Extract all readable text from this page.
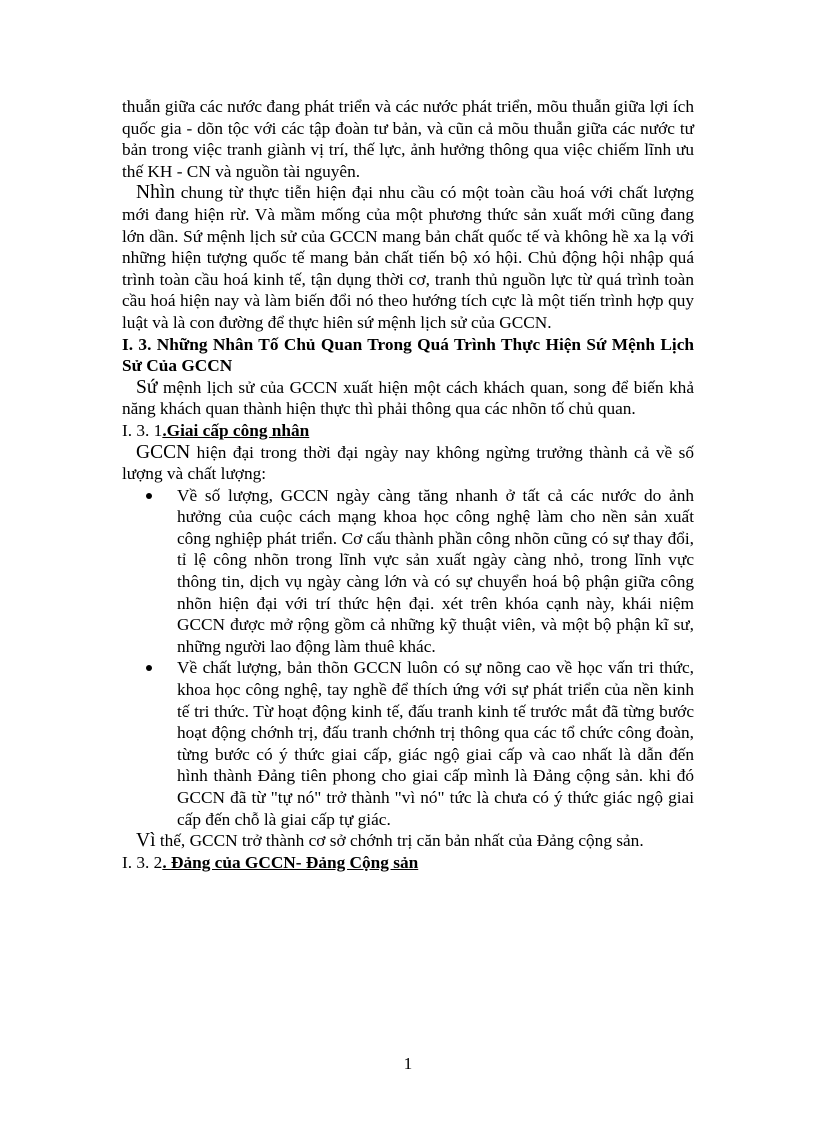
thuẫn giữa các nước đang phát triển và các nước phát triển, mõu thuẫn giữa lợi ích quốc gia - dõn tộc với các tập đoàn tư bản, và cũn cả mõu thuẫn giữa các nước tư bản trong việc tranh giành vị trí, thế lực, ảnh hưởng thông qua việc chiếm lĩnh ưu thế KH - CN và nguồn tài nguyên.

Nhìn chung từ thực tiễn hiện đại nhu cầu có một toàn cầu hoá với chất lượng mới đang hiện rừ. Và mầm mống của một phương thức sản xuất mới cũng đang lớn dần. Sứ mệnh lịch sử của GCCN mang bản chất quốc tế và không hề xa lạ với những hiện tượng quốc tế mang bản chất tiến bộ xó hội. Chủ động hội nhập quá trình toàn cầu hoá kinh tế, tận dụng thời cơ, tranh thủ nguồn lực từ quá trình toàn cầu hoá hiện nay và làm biến đổi nó theo hướng tích cực là một tiến trình hợp quy luật và là con đường để thực hiên sứ mệnh lịch sử của GCCN.

I. 3. Những Nhân Tố Chủ Quan Trong Quá Trình Thực Hiện Sứ Mệnh Lịch Sử Của GCCN

Sứ mệnh lịch sử của GCCN xuất hiện một cách khách quan, song để biến khả năng khách quan thành hiện thực thì phải thông qua các nhõn tố chủ quan.

I. 3. 1.Giai cấp công nhân

GCCN hiện đại trong thời đại ngày nay không ngừng trưởng thành cả về số lượng và chất lượng:

Về số lượng, GCCN ngày càng tăng nhanh ở tất cả các nước do ảnh hưởng của cuộc cách mạng khoa học công nghệ làm cho nền sản xuất công nghiệp phát triển. Cơ cấu thành phần công nhõn cũng có sự thay đổi, tỉ lệ công nhõn trong lĩnh vực sản xuất ngày càng nhỏ, trong lĩnh vực thông tin, dịch vụ ngày càng lớn và có sự chuyển hoá bộ phận giữa công nhõn hiện đại với trí thức hện đại. xét trên khóa cạnh này, khái niệm GCCN được mở rộng gồm cả những kỹ thuật viên, và một bộ phận kĩ sư, những người lao động làm thuê khác.
Về chất lượng, bản thõn GCCN luôn có sự nõng cao về học vấn tri thức, khoa học công nghệ, tay nghề để thích ứng với sự phát triển của nền kinh tế tri thức. Từ hoạt động kinh tế, đấu tranh kinh tế trước mắt đã từng bước hoạt động chớnh trị, đấu tranh chớnh trị thông qua các tổ chức công đoàn, từng bước có ý thức giai cấp, giác ngộ giai cấp và cao nhất là dẫn đến hình thành Đảng tiên phong cho giai cấp mình là Đảng cộng sản. khi đó GCCN đã từ "tự nó" trở thành "vì nó" tức là chưa có ý thức giác ngộ giai cấp đến chỗ là giai cấp tự giác.

Vì thế, GCCN trở thành cơ sở chớnh trị căn bản nhất của Đảng cộng sản.

I. 3. 2. Đảng của GCCN- Đảng Cộng sản

1
